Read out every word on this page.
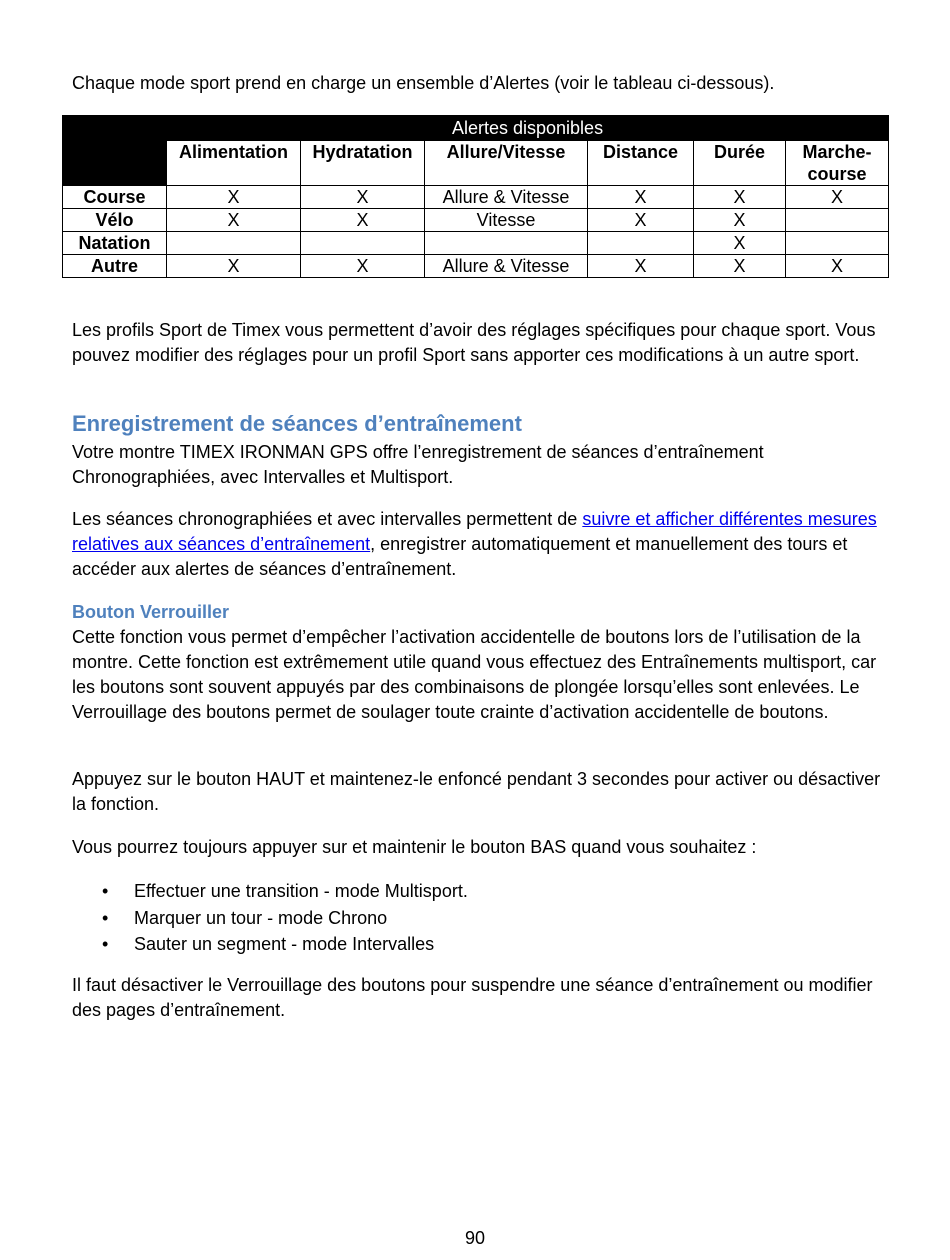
Chaque mode sport prend en charge un ensemble d’Alertes (voir le tableau ci-dessous).

	Alertes disponibles					
	Alimentation	Hydratation	Allure/Vitesse	Distance	Durée	Marche-course
Course	X	X	Allure & Vitesse	X	X	X
Vélo	X	X	Vitesse	X	X	
Natation					X	
Autre	X	X	Allure & Vitesse	X	X	X

Les profils Sport de Timex vous permettent d’avoir des réglages spécifiques pour chaque sport. Vous pouvez modifier des réglages pour un profil Sport sans apporter ces modifications à un autre sport.

Enregistrement de séances d’entraînement

Votre montre TIMEX IRONMAN GPS offre l’enregistrement de séances d’entraînement Chronographiées, avec Intervalles et Multisport.

Les séances chronographiées et avec intervalles permettent de suivre et afficher différentes mesures relatives aux séances d’entraînement, enregistrer automatiquement et manuellement des tours et accéder aux alertes de séances d’entraînement.

Bouton Verrouiller

Cette fonction vous permet d’empêcher l’activation accidentelle de boutons lors de l’utilisation de la montre. Cette fonction est extrêmement utile quand vous effectuez des Entraînements multisport, car les boutons sont souvent appuyés par des combinaisons de plongée lorsqu’elles sont enlevées. Le Verrouillage des boutons permet de soulager toute crainte d’activation accidentelle de boutons.

Appuyez sur le bouton HAUT et maintenez-le enfoncé pendant 3 secondes pour activer ou désactiver la fonction.

Vous pourrez toujours appuyer sur et maintenir le bouton BAS quand vous souhaitez :

• Effectuer une transition - mode Multisport.
• Marquer un tour - mode Chrono
• Sauter un segment - mode Intervalles

Il faut désactiver le Verrouillage des boutons pour suspendre une séance d’entraînement ou modifier des pages d’entraînement.

90
